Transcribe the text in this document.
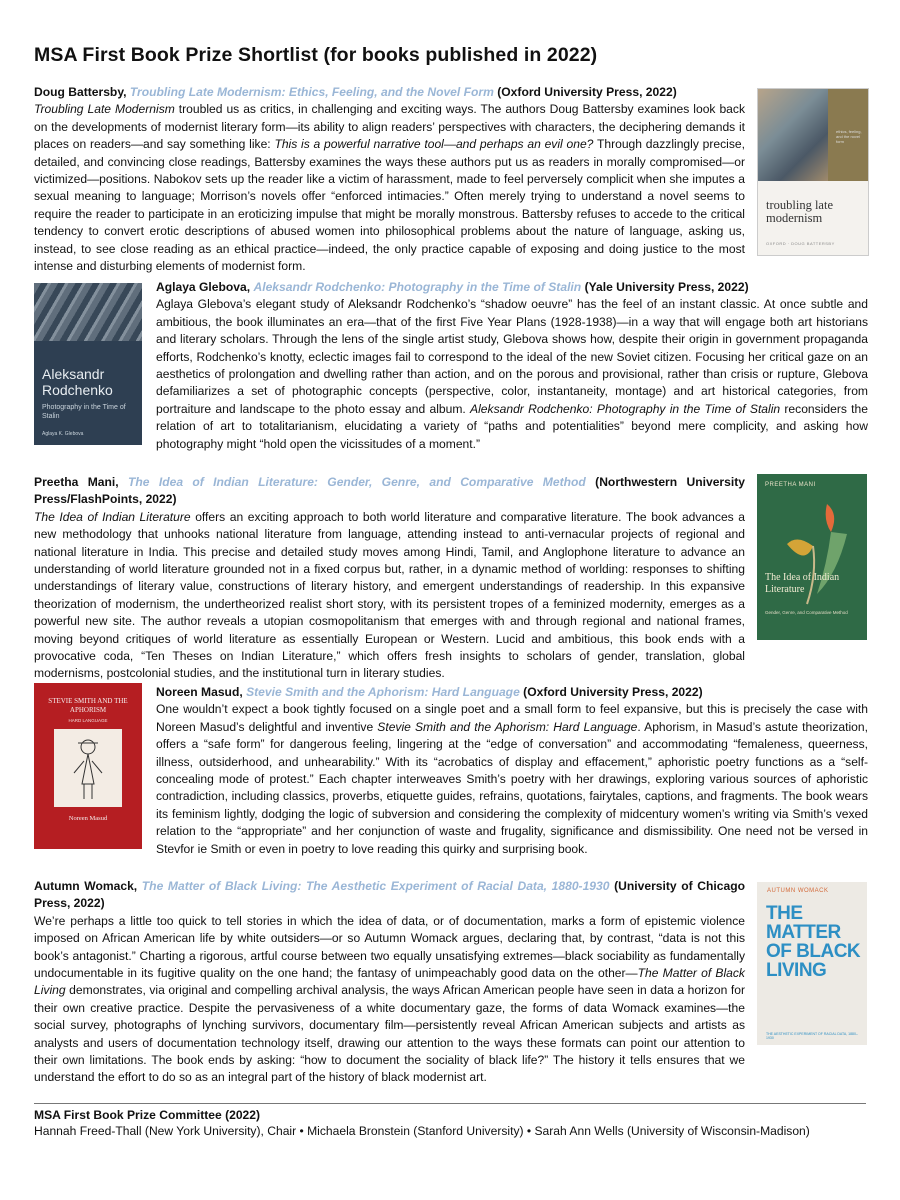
MSA First Book Prize Shortlist (for books published in 2022)

Doug Battersby, Troubling Late Modernism: Ethics, Feeling, and the Novel Form (Oxford University Press, 2022)

Troubling Late Modernism troubled us as critics, in challenging and exciting ways. The authors Doug Battersby examines look back on the developments of modernist literary form—its ability to align readers’ perspectives with characters, the deciphering demands it places on readers—and say something like: This is a powerful narrative tool—and perhaps an evil one? Through dazzlingly precise, detailed, and convincing close readings, Battersby examines the ways these authors put us as readers in morally compromised—or victimized—positions. Nabokov sets up the reader like a victim of harassment, made to feel perversely complicit when she imputes a sexual meaning to language; Morrison’s novels offer “enforced intimacies.” Often merely trying to understand a novel seems to require the reader to participate in an eroticizing impulse that might be morally monstrous. Battersby refuses to accede to the critical tendency to convert erotic descriptions of abused women into philosophical problems about the nature of language, asking us, instead, to see close reading as an ethical practice—indeed, the only practice capable of exposing and doing justice to the most intense and disturbing elements of modernist form.

ethics, feeling, and the novel form
troubling late modernism
OXFORD · DOUG BATTERSBY

Aglaya Glebova, Aleksandr Rodchenko: Photography in the Time of Stalin (Yale University Press, 2022)

Aglaya Glebova’s elegant study of Aleksandr Rodchenko’s “shadow oeuvre” has the feel of an instant classic. At once subtle and ambitious, the book illuminates an era—that of the first Five Year Plans (1928-1938)—in a way that will engage both art historians and literary scholars. Through the lens of the single artist study, Glebova shows how, despite their origin in government propaganda efforts, Rodchenko’s knotty, eclectic images fail to correspond to the ideal of the new Soviet citizen. Focusing her critical gaze on an aesthetics of prolongation and dwelling rather than action, and on the porous and provisional, rather than crisis or rupture, Glebova defamiliarizes a set of photographic concepts (perspective, color, instantaneity, montage) and art historical categories, from portraiture and landscape to the photo essay and album. Aleksandr Rodchenko: Photography in the Time of Stalin reconsiders the relation of art to totalitarianism, elucidating a variety of “paths and potentialities” beyond mere complicity, and asking how photography might “hold open the vicissitudes of a moment.”

Aleksandr Rodchenko
Photography in the Time of Stalin
Aglaya K. Glebova

Preetha Mani, The Idea of Indian Literature: Gender, Genre, and Comparative Method (Northwestern University Press/FlashPoints, 2022)

The Idea of Indian Literature offers an exciting approach to both world literature and comparative literature. The book advances a new methodology that unhooks national literature from language, attending instead to anti-vernacular projects of regional and national literature in India. This precise and detailed study moves among Hindi, Tamil, and Anglophone literature to advance an understanding of world literature grounded not in a fixed corpus but, rather, in a dynamic method of worlding: responses to shifting understandings of literary value, constructions of literary history, and emergent understandings of readership. In this expansive theorization of modernism, the undertheorized realist short story, with its persistent tropes of a feminized modernity, emerges as a powerful new site. The author reveals a utopian cosmopolitanism that emerges with and through regional and national frames, moving beyond critiques of world literature as essentially European or Western. Lucid and ambitious, this book ends with a provocative coda, “Ten Theses on Indian Literature,” which offers fresh insights to scholars of gender, translation, global modernisms, postcolonial studies, and the institutional turn in literary studies.

PREETHA MANI
The Idea of Indian Literature
Gender, Genre, and Comparative Method

Noreen Masud, Stevie Smith and the Aphorism: Hard Language (Oxford University Press, 2022)

One wouldn’t expect a book tightly focused on a single poet and a small form to feel expansive, but this is precisely the case with Noreen Masud’s delightful and inventive Stevie Smith and the Aphorism: Hard Language. Aphorism, in Masud’s astute theorization, offers a “safe form” for dangerous feeling, lingering at the “edge of conversation” and accommodating “femaleness, queerness, illness, outsiderhood, and unhearability.” With its “acrobatics of display and effacement,” aphoristic poetry functions as a “self-concealing mode of protest.” Each chapter interweaves Smith’s poetry with her drawings, exploring various sources of aphoristic contradiction, including classics, proverbs, etiquette guides, refrains, quotations, fairytales, captions, and fragments. The book wears its feminism lightly, dodging the logic of subversion and considering the complexity of midcentury women’s writing via Smith’s vexed relation to the “appropriate” and her conjunction of waste and frugality, significance and dismissibility. One need not be versed in Stevfor ie Smith or even in poetry to love reading this quirky and surprising book.

STEVIE SMITH AND THE APHORISM
HARD LANGUAGE
Noreen Masud

Autumn Womack, The Matter of Black Living: The Aesthetic Experiment of Racial Data, 1880-1930 (University of Chicago Press, 2022)

We’re perhaps a little too quick to tell stories in which the idea of data, or of documentation, marks a form of epistemic violence imposed on African American life by white outsiders—or so Autumn Womack argues, declaring that, by contrast, “data is not this book’s antagonist.” Charting a rigorous, artful course between two equally unsatisfying extremes—black sociability as fundamentally undocumentable in its fugitive quality on the one hand; the fantasy of unimpeachably good data on the other—The Matter of Black Living demonstrates, via original and compelling archival analysis, the ways African American people have seen in data a horizon for their own creative practice. Despite the pervasiveness of a white documentary gaze, the forms of data Womack examines—the social survey, photographs of lynching survivors, documentary film—persistently reveal African American subjects and artists as analysts and users of documentation technology itself, drawing our attention to the ways these formats can point our attention to their own limitations. The book ends by asking: “how to document the sociality of black life?” The history it tells ensures that we understand the effort to do so as an integral part of the history of black modernist art.

AUTUMN WOMACK
THE MATTER OF BLACK LIVING
THE AESTHETIC EXPERIMENT OF RACIAL DATA, 1880–1930
MSA First Book Prize Committee (2022)
Hannah Freed-Thall (New York University), Chair • Michaela Bronstein (Stanford University) • Sarah Ann Wells (University of Wisconsin-Madison)
